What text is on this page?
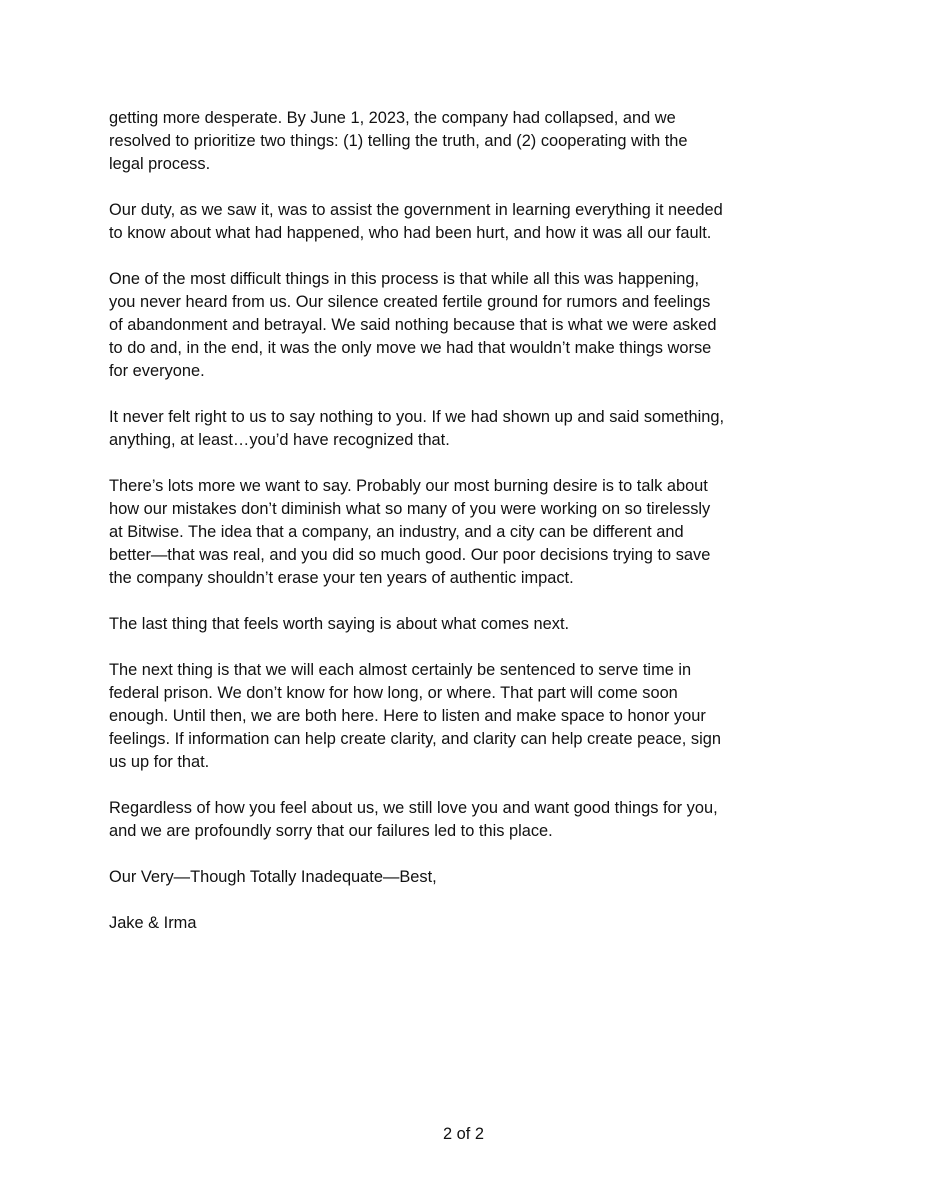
getting more desperate. By June 1, 2023, the company had collapsed, and we
resolved to prioritize two things: (1) telling the truth, and (2) cooperating with the
legal process.

Our duty, as we saw it, was to assist the government in learning everything it needed
to know about what had happened, who had been hurt, and how it was all our fault.

One of the most difficult things in this process is that while all this was happening,
you never heard from us. Our silence created fertile ground for rumors and feelings
of abandonment and betrayal. We said nothing because that is what we were asked
to do and, in the end, it was the only move we had that wouldn’t make things worse
for everyone.

It never felt right to us to say nothing to you. If we had shown up and said something,
anything, at least…you’d have recognized that.

There’s lots more we want to say. Probably our most burning desire is to talk about
how our mistakes don’t diminish what so many of you were working on so tirelessly
at Bitwise. The idea that a company, an industry, and a city can be different and
better—that was real, and you did so much good. Our poor decisions trying to save
the company shouldn’t erase your ten years of authentic impact.

The last thing that feels worth saying is about what comes next.

The next thing is that we will each almost certainly be sentenced to serve time in
federal prison. We don’t know for how long, or where. That part will come soon
enough. Until then, we are both here. Here to listen and make space to honor your
feelings. If information can help create clarity, and clarity can help create peace, sign
us up for that.

Regardless of how you feel about us, we still love you and want good things for you,
and we are profoundly sorry that our failures led to this place.

Our Very—Though Totally Inadequate—Best,

Jake & Irma

2 of 2
